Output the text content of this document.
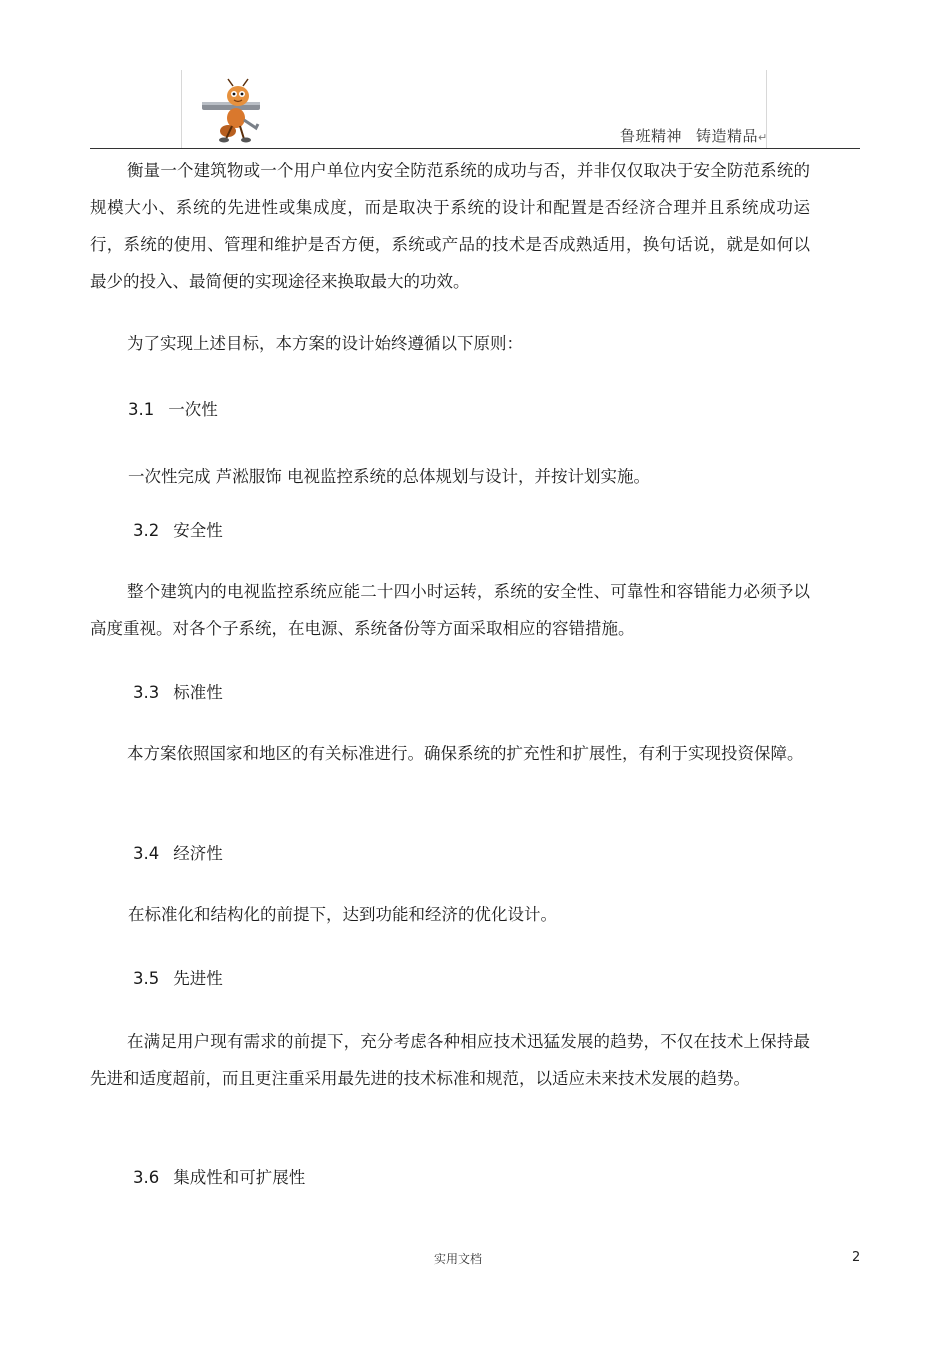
鲁班精神 铸造精品↵

衡量一个建筑物或一个用户单位内安全防范系统的成功与否，并非仅仅取决于安全防范系统的规模大小、系统的先进性或集成度，而是取决于系统的设计和配置是否经济合理并且系统成功运行，系统的使用、管理和维护是否方便，系统或产品的技术是否成熟适用，换句话说，就是如何以最少的投入、最简便的实现途径来换取最大的功效。

为了实现上述目标，本方案的设计始终遵循以下原则：

3.1 一次性
一次性完成 芦淞服饰 电视监控系统的总体规划与设计，并按计划实施。
3.2 安全性

整个建筑内的电视监控系统应能二十四小时运转，系统的安全性、可靠性和容错能力必须予以高度重视。对各个子系统，在电源、系统备份等方面采取相应的容错措施。

3.3 标准性

本方案依照国家和地区的有关标准进行。确保系统的扩充性和扩展性，有利于实现投资保障。

3.4 经济性
在标准化和结构化的前提下，达到功能和经济的优化设计。
3.5 先进性

在满足用户现有需求的前提下，充分考虑各种相应技术迅猛发展的趋势，不仅在技术上保持最先进和适度超前，而且更注重采用最先进的技术标准和规范，以适应未来技术发展的趋势。

3.6 集成性和可扩展性
实用文档	2
